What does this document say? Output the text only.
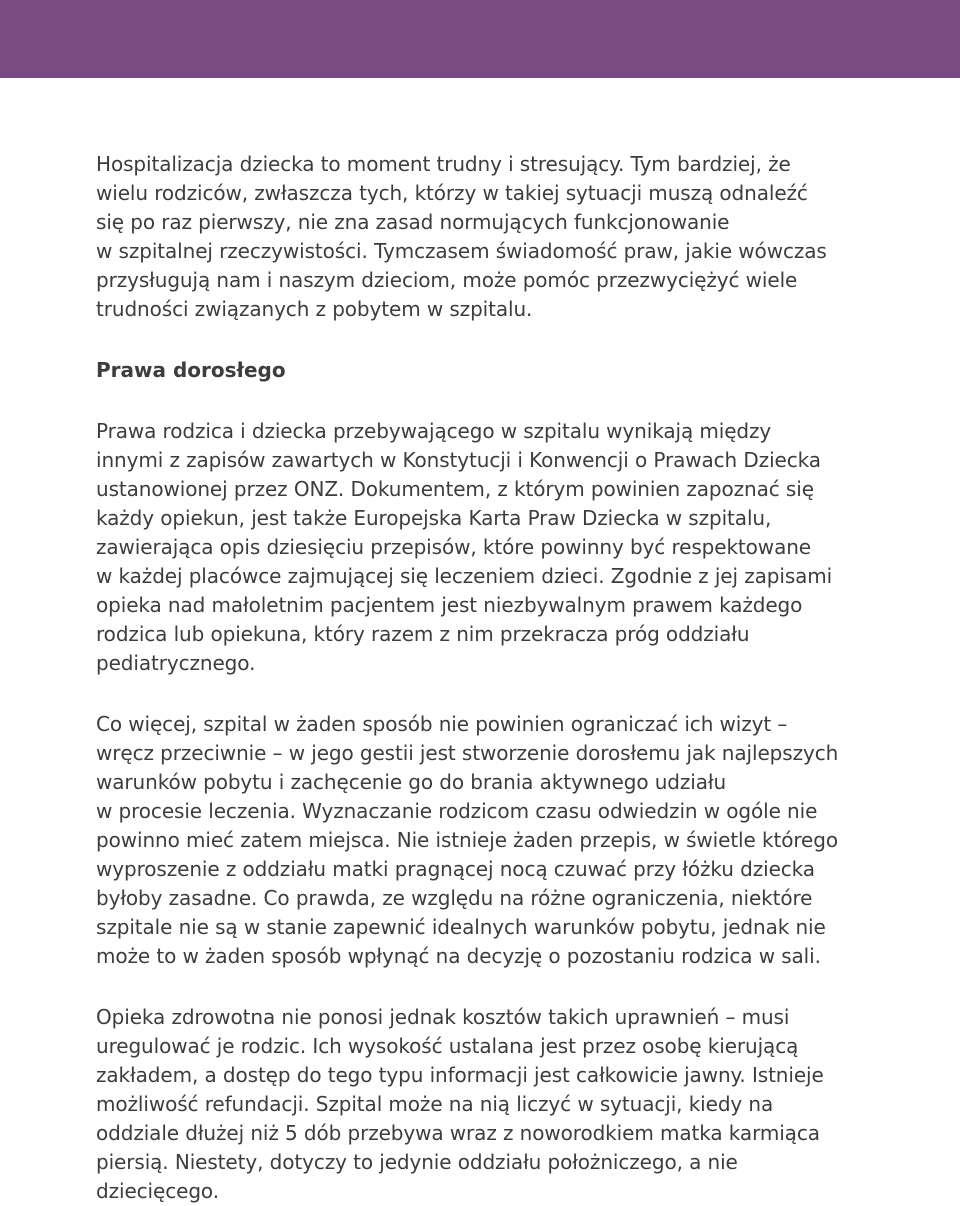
Hospitalizacja dziecka to moment trudny i stresujący. Tym bardziej, że
wielu rodziców, zwłaszcza tych, którzy w takiej sytuacji muszą odnaleźć
się po raz pierwszy, nie zna zasad normujących funkcjonowanie
w szpitalnej rzeczywistości. Tymczasem świadomość praw, jakie wówczas
przysługują nam i naszym dzieciom, może pomóc przezwyciężyć wiele
trudności związanych z pobytem w szpitalu.

Prawa dorosłego

Prawa rodzica i dziecka przebywającego w szpitalu wynikają między
innymi z zapisów zawartych w Konstytucji i Konwencji o Prawach Dziecka
ustanowionej przez ONZ. Dokumentem, z którym powinien zapoznać się
każdy opiekun, jest także Europejska Karta Praw Dziecka w szpitalu,
zawierająca opis dziesięciu przepisów, które powinny być respektowane
w każdej placówce zajmującej się leczeniem dzieci. Zgodnie z jej zapisami
opieka nad małoletnim pacjentem jest niezbywalnym prawem każdego
rodzica lub opiekuna, który razem z nim przekracza próg oddziału
pediatrycznego.

Co więcej, szpital w żaden sposób nie powinien ograniczać ich wizyt –
wręcz przeciwnie – w jego gestii jest stworzenie dorosłemu jak najlepszych
warunków pobytu i zachęcenie go do brania aktywnego udziału
w procesie leczenia. Wyznaczanie rodzicom czasu odwiedzin w ogóle nie
powinno mieć zatem miejsca. Nie istnieje żaden przepis, w świetle którego
wyproszenie z oddziału matki pragnącej nocą czuwać przy łóżku dziecka
byłoby zasadne. Co prawda, ze względu na różne ograniczenia, niektóre
szpitale nie są w stanie zapewnić idealnych warunków pobytu, jednak nie
może to w żaden sposób wpłynąć na decyzję o pozostaniu rodzica w sali.

Opieka zdrowotna nie ponosi jednak kosztów takich uprawnień – musi
uregulować je rodzic. Ich wysokość ustalana jest przez osobę kierującą
zakładem, a dostęp do tego typu informacji jest całkowicie jawny. Istnieje
możliwość refundacji. Szpital może na nią liczyć w sytuacji, kiedy na
oddziale dłużej niż 5 dób przebywa wraz z noworodkiem matka karmiąca
piersią. Niestety, dotyczy to jedynie oddziału położniczego, a nie
dziecięcego.
